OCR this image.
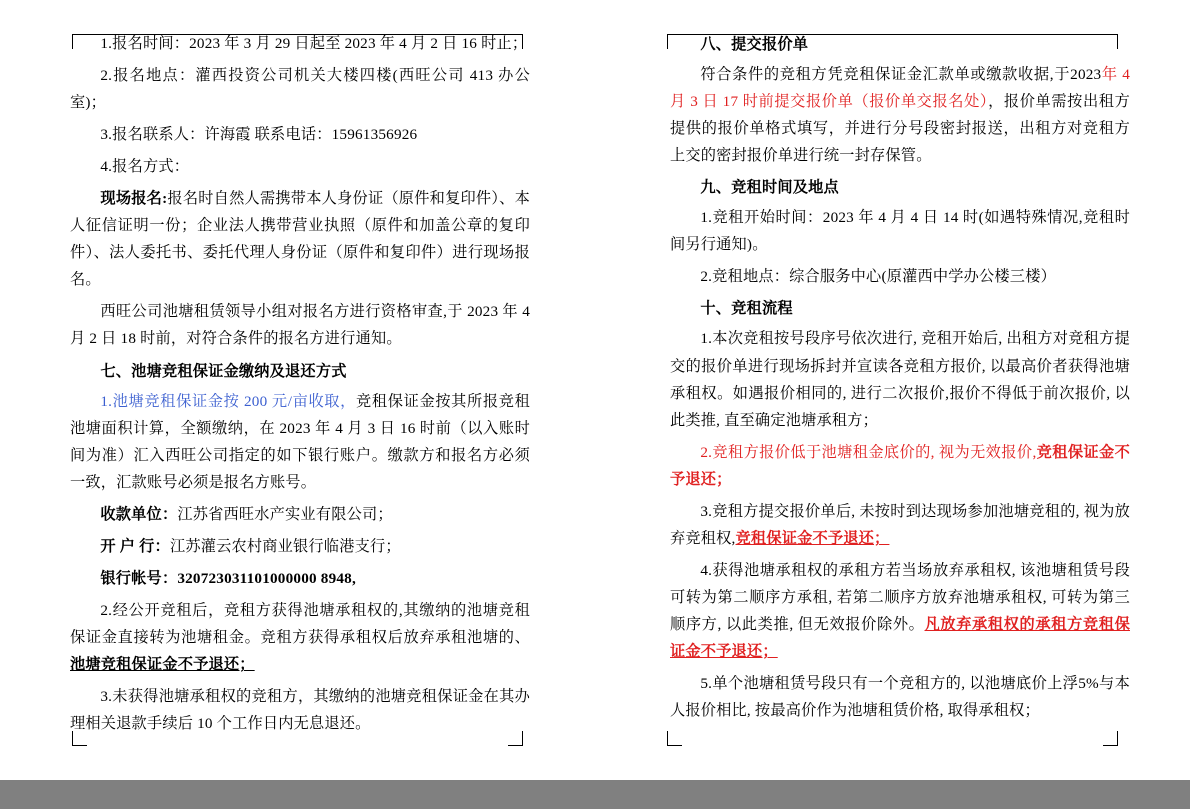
1.报名时间：2023 年 3 月 29 日起至 2023 年 4 月 2 日 16 时止；

2.报名地点：灌西投资公司机关大楼四楼(西旺公司 413 办公室)；

3.报名联系人：许海霞 联系电话：15961356926

4.报名方式：

现场报名:报名时自然人需携带本人身份证（原件和复印件）、本人征信证明一份；企业法人携带营业执照（原件和加盖公章的复印件）、法人委托书、委托代理人身份证（原件和复印件）进行现场报名。

西旺公司池塘租赁领导小组对报名方进行资格审查,于 2023 年 4 月 2 日 18 时前，对符合条件的报名方进行通知。

七、池塘竞租保证金缴纳及退还方式

1.池塘竞租保证金按 200 元/亩收取，竞租保证金按其所报竞租池塘面积计算，全额缴纳，在 2023 年 4 月 3 日 16 时前（以入账时间为准）汇入西旺公司指定的如下银行账户。缴款方和报名方必须一致，汇款账号必须是报名方账号。

收款单位：江苏省西旺水产实业有限公司；

开 户 行：江苏灌云农村商业银行临港支行；

银行帐号：320723031101000000 8948,

2.经公开竞租后，竞租方获得池塘承租权的,其缴纳的池塘竞租保证金直接转为池塘租金。竞租方获得承租权后放弃承租池塘的、池塘竞租保证金不予退还；

3.未获得池塘承租权的竞租方，其缴纳的池塘竞租保证金在其办理相关退款手续后 10 个工作日内无息退还。

八、提交报价单

符合条件的竞租方凭竞租保证金汇款单或缴款收据,于2023年 4 月 3 日 17 时前提交报价单（报价单交报名处），报价单需按出租方提供的报价单格式填写，并进行分号段密封报送，出租方对竞租方上交的密封报价单进行统一封存保管。

九、竞租时间及地点

1.竞租开始时间：2023 年 4 月 4 日 14 时(如遇特殊情况,竞租时间另行通知)。

2.竞租地点：综合服务中心(原灌西中学办公楼三楼）

十、竞租流程

1.本次竞租按号段序号依次进行, 竞租开始后, 出租方对竞租方提交的报价单进行现场拆封并宣读各竞租方报价, 以最高价者获得池塘承租权。如遇报价相同的, 进行二次报价,报价不得低于前次报价, 以此类推, 直至确定池塘承租方；

2.竞租方报价低于池塘租金底价的, 视为无效报价,竞租保证金不予退还；

3.竞租方提交报价单后, 未按时到达现场参加池塘竞租的, 视为放弃竞租权,竞租保证金不予退还；

4.获得池塘承租权的承租方若当场放弃承租权, 该池塘租赁号段可转为第二顺序方承租, 若第二顺序方放弃池塘承租权, 可转为第三顺序方, 以此类推, 但无效报价除外。凡放弃承租权的承租方竞租保证金不予退还；

5.单个池塘租赁号段只有一个竞租方的, 以池塘底价上浮5%与本人报价相比, 按最高价作为池塘租赁价格, 取得承租权；
